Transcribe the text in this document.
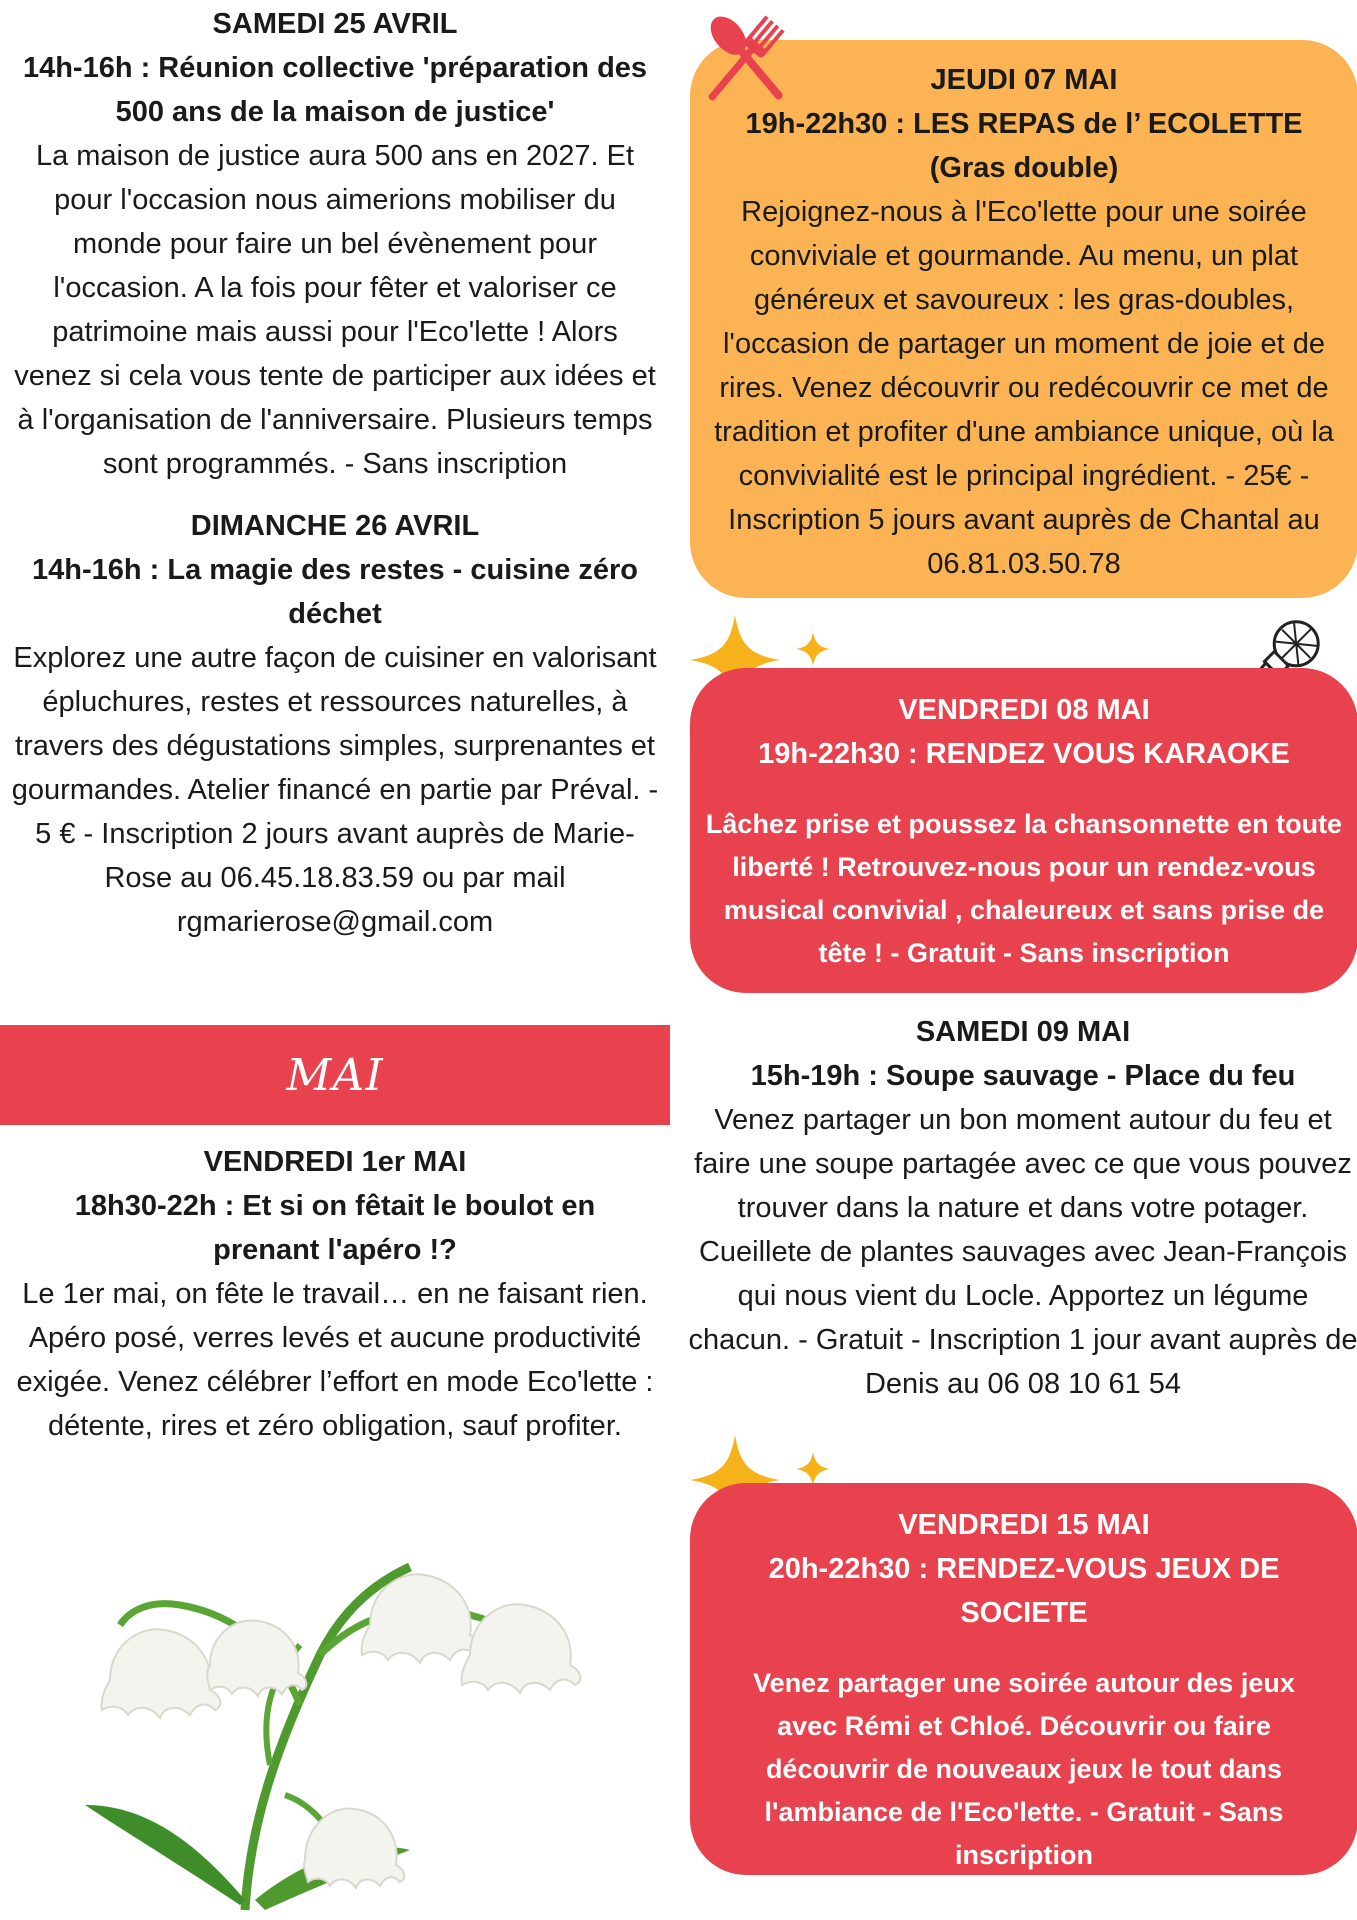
SAMEDI 25 AVRIL
14h-16h : Réunion collective 'préparation des 500 ans de la maison de justice'
La maison de justice aura 500 ans en 2027. Et pour l'occasion nous aimerions mobiliser du monde pour faire un bel évènement pour l'occasion. A la fois pour fêter et valoriser ce patrimoine mais aussi pour l'Eco'lette ! Alors venez si cela vous tente de participer aux idées et à l'organisation de l'anniversaire. Plusieurs temps sont programmés. - Sans inscription
DIMANCHE 26 AVRIL
14h-16h : La magie des restes - cuisine zéro déchet
Explorez une autre façon de cuisiner en valorisant épluchures, restes et ressources naturelles, à travers des dégustations simples, surprenantes et gourmandes. Atelier financé en partie par Préval. - 5 € - Inscription 2 jours avant auprès de Marie-Rose au 06.45.18.83.59 ou par mail rgmarierose@gmail.com
MAI
VENDREDI 1er MAI
18h30-22h : Et si on fêtait le boulot en prenant l'apéro !?
Le 1er mai, on fête le travail… en ne faisant rien. Apéro posé, verres levés et aucune productivité exigée. Venez célébrer l’effort en mode Eco'lette : détente, rires et zéro obligation, sauf profiter.
JEUDI 07 MAI
19h-22h30 : LES REPAS de l’ ECOLETTE (Gras double)
Rejoignez-nous à l'Eco'lette pour une soirée conviviale et gourmande. Au menu, un plat généreux et savoureux : les gras-doubles, l'occasion de partager un moment de joie et de rires. Venez découvrir ou redécouvrir ce met de tradition et profiter d'une ambiance unique, où la convivialité est le principal ingrédient. - 25€ - Inscription 5 jours avant auprès de Chantal au 06.81.03.50.78
VENDREDI 08 MAI
19h-22h30 : RENDEZ VOUS KARAOKE
Lâchez prise et poussez la chansonnette en toute liberté ! Retrouvez-nous pour un rendez-vous musical convivial , chaleureux et sans prise de tête ! - Gratuit - Sans inscription
SAMEDI 09 MAI
15h-19h : Soupe sauvage - Place du feu
Venez partager un bon moment autour du feu et faire une soupe partagée avec ce que vous pouvez trouver dans la nature et dans votre potager. Cueillete de plantes sauvages avec Jean-François qui nous vient du Locle. Apportez un légume chacun. - Gratuit - Inscription 1 jour avant auprès de Denis au 06 08 10 61 54
VENDREDI 15 MAI
20h-22h30 : RENDEZ-VOUS JEUX DE SOCIETE
Venez partager une soirée autour des jeux avec Rémi et Chloé. Découvrir ou faire découvrir de nouveaux jeux le tout dans l'ambiance de l'Eco'lette. - Gratuit - Sans inscription
